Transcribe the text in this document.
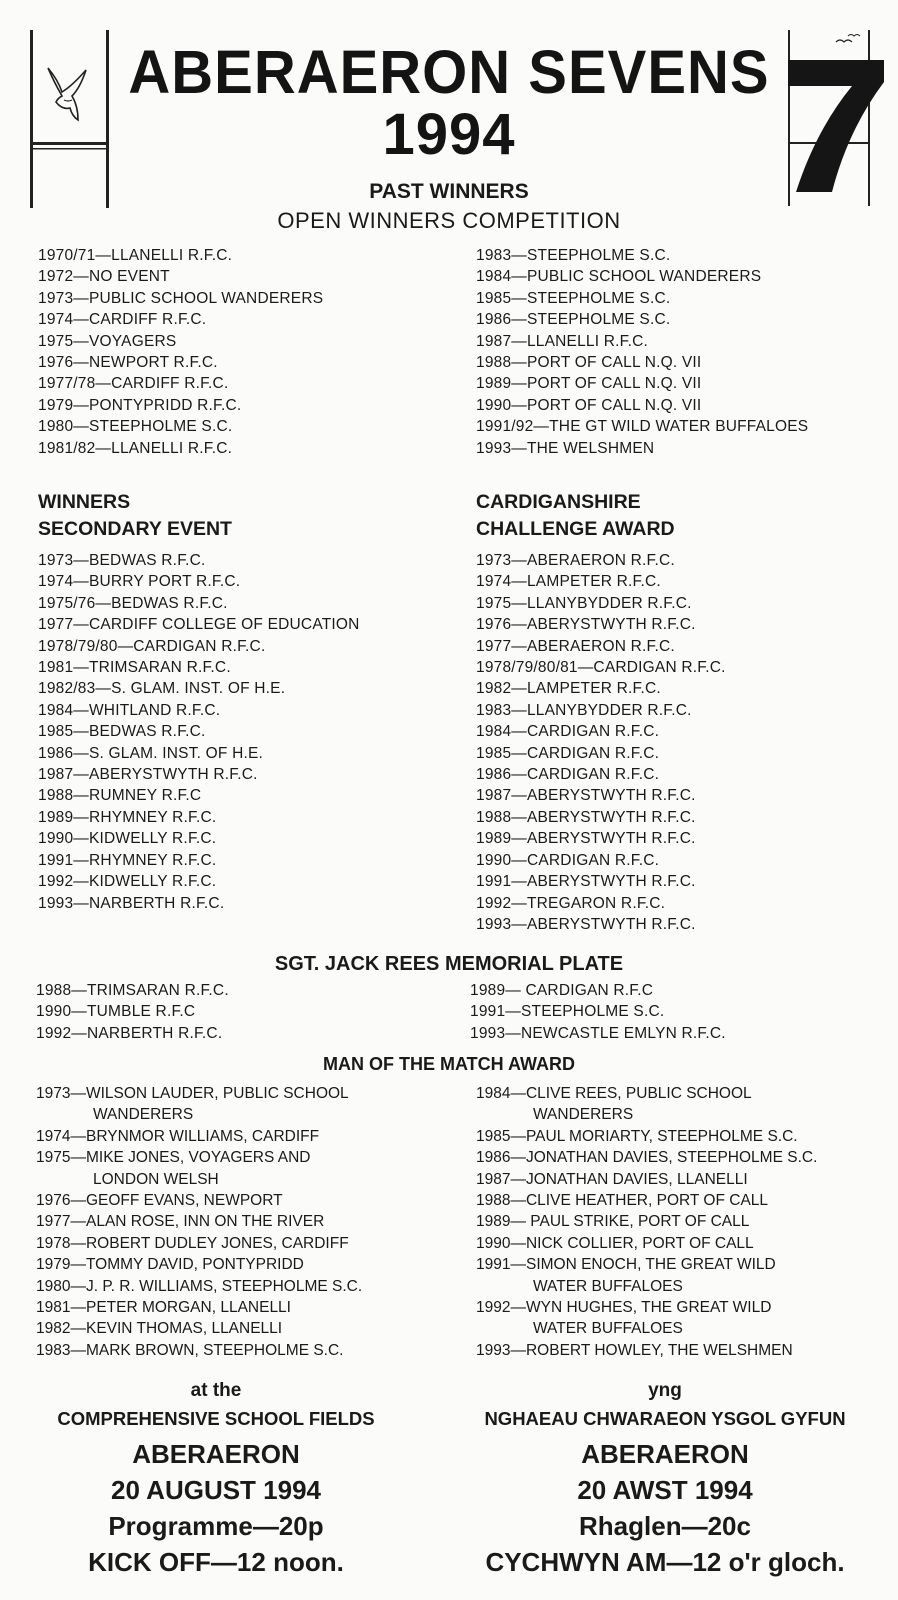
ABERAERON SEVENS
1994
PAST WINNERS
OPEN WINNERS COMPETITION
1970/71—LLANELLI R.F.C.
1972—NO EVENT
1973—PUBLIC SCHOOL WANDERERS
1974—CARDIFF R.F.C.
1975—VOYAGERS
1976—NEWPORT R.F.C.
1977/78—CARDIFF R.F.C.
1979—PONTYPRIDD R.F.C.
1980—STEEPHOLME S.C.
1981/82—LLANELLI R.F.C.
1983—STEEPHOLME S.C.
1984—PUBLIC SCHOOL WANDERERS
1985—STEEPHOLME S.C.
1986—STEEPHOLME S.C.
1987—LLANELLI R.F.C.
1988—PORT OF CALL N.Q. VII
1989—PORT OF CALL N.Q. VII
1990—PORT OF CALL N.Q. VII
1991/92—THE GT WILD WATER BUFFALOES
1993—THE WELSHMEN
WINNERS
SECONDARY EVENT
1973—BEDWAS R.F.C.
1974—BURRY PORT R.F.C.
1975/76—BEDWAS R.F.C.
1977—CARDIFF COLLEGE OF EDUCATION
1978/79/80—CARDIGAN R.F.C.
1981—TRIMSARAN R.F.C.
1982/83—S. GLAM. INST. OF H.E.
1984—WHITLAND R.F.C.
1985—BEDWAS R.F.C.
1986—S. GLAM. INST. OF H.E.
1987—ABERYSTWYTH R.F.C.
1988—RUMNEY R.F.C
1989—RHYMNEY R.F.C.
1990—KIDWELLY R.F.C.
1991—RHYMNEY R.F.C.
1992—KIDWELLY R.F.C.
1993—NARBERTH R.F.C.
CARDIGANSHIRE
CHALLENGE AWARD
1973—ABERAERON R.F.C.
1974—LAMPETER R.F.C.
1975—LLANYBYDDER R.F.C.
1976—ABERYSTWYTH R.F.C.
1977—ABERAERON R.F.C.
1978/79/80/81—CARDIGAN R.F.C.
1982—LAMPETER R.F.C.
1983—LLANYBYDDER R.F.C.
1984—CARDIGAN R.F.C.
1985—CARDIGAN R.F.C.
1986—CARDIGAN R.F.C.
1987—ABERYSTWYTH R.F.C.
1988—ABERYSTWYTH R.F.C.
1989—ABERYSTWYTH R.F.C.
1990—CARDIGAN R.F.C.
1991—ABERYSTWYTH R.F.C.
1992—TREGARON R.F.C.
1993—ABERYSTWYTH R.F.C.
SGT. JACK REES MEMORIAL PLATE
1988—TRIMSARAN R.F.C.
1990—TUMBLE R.F.C
1992—NARBERTH R.F.C.
1989— CARDIGAN R.F.C
1991—STEEPHOLME S.C.
1993—NEWCASTLE EMLYN R.F.C.
MAN OF THE MATCH AWARD
1973—WILSON LAUDER, PUBLIC SCHOOL
WANDERERS
1974—BRYNMOR WILLIAMS, CARDIFF
1975—MIKE JONES, VOYAGERS AND
LONDON WELSH
1976—GEOFF EVANS, NEWPORT
1977—ALAN ROSE, INN ON THE RIVER
1978—ROBERT DUDLEY JONES, CARDIFF
1979—TOMMY DAVID, PONTYPRIDD
1980—J. P. R. WILLIAMS, STEEPHOLME S.C.
1981—PETER MORGAN, LLANELLI
1982—KEVIN THOMAS, LLANELLI
1983—MARK BROWN, STEEPHOLME S.C.
1984—CLIVE REES, PUBLIC SCHOOL
WANDERERS
1985—PAUL MORIARTY, STEEPHOLME S.C.
1986—JONATHAN DAVIES, STEEPHOLME S.C.
1987—JONATHAN DAVIES, LLANELLI
1988—CLIVE HEATHER, PORT OF CALL
1989— PAUL STRIKE, PORT OF CALL
1990—NICK COLLIER, PORT OF CALL
1991—SIMON ENOCH, THE GREAT WILD
WATER BUFFALOES
1992—WYN HUGHES, THE GREAT WILD
WATER BUFFALOES
1993—ROBERT HOWLEY, THE WELSHMEN
at the
COMPREHENSIVE SCHOOL FIELDS
ABERAERON
20 AUGUST 1994
Programme—20p
KICK OFF—12 noon.
yng
NGHAEAU CHWARAEON YSGOL GYFUN
ABERAERON
20 AWST 1994
Rhaglen—20c
CYCHWYN AM—12 o'r gloch.
